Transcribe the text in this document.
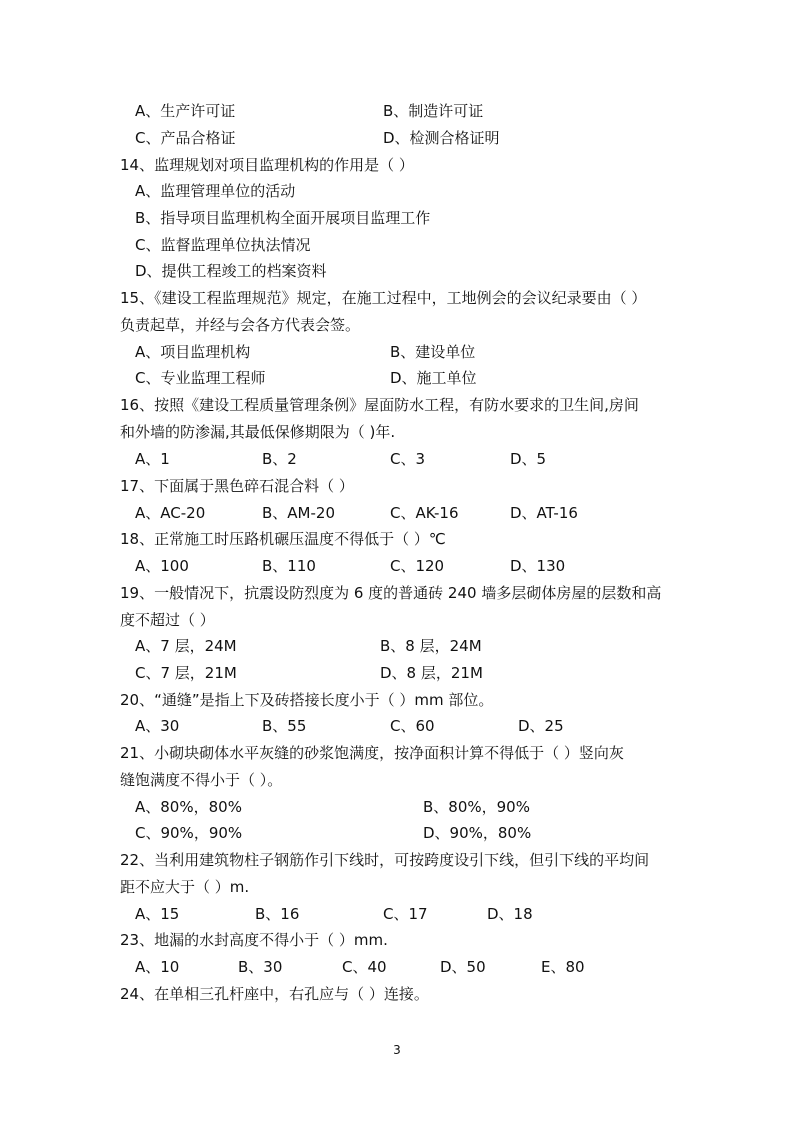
A、生产许可证	B、制造许可证
C、产品合格证	D、检测合格证明
14、监理规划对项目监理机构的作用是（ ）
A、监理管理单位的活动
B、指导项目监理机构全面开展项目监理工作
C、监督监理单位执法情况
D、提供工程竣工的档案资料
15、《建设工程监理规范》规定，在施工过程中，工地例会的会议纪录要由（ ）
负责起草，并经与会各方代表会签。
A、项目监理机构	B、建设单位
C、专业监理工程师	D、施工单位
16、按照《建设工程质量管理条例》屋面防水工程，有防水要求的卫生间,房间
和外墙的防渗漏,其最低保修期限为（ )年.
A、1	B、2	C、3	D、5
17、下面属于黑色碎石混合料（ ）
A、AC-20	B、AM-20	C、AK-16	D、AT-16
18、正常施工时压路机碾压温度不得低于（ ）℃
A、100	B、110	C、120	D、130
19、一般情况下，抗震设防烈度为 6 度的普通砖 240 墙多层砌体房屋的层数和高
度不超过（ ）
A、7 层，24M	B、8 层，24M
C、7 层，21M	D、8 层，21M
20、“通缝”是指上下及砖搭接长度小于（ ）mm 部位。
A、30	B、55	C、60	D、25
21、小砌块砌体水平灰缝的砂浆饱满度，按净面积计算不得低于（ ）竖向灰
缝饱满度不得小于（ ）。
A、80%，80%	B、80%，90%
C、90%，90%	D、90%，80%
22、当利用建筑物柱子钢筋作引下线时，可按跨度设引下线，但引下线的平均间
距不应大于（ ）m.
A、15	B、16	C、17	D、18
23、地漏的水封高度不得小于（ ）mm.
A、10	B、30	C、40	D、50	E、80
24、在单相三孔杆座中，右孔应与（ ）连接。
3
